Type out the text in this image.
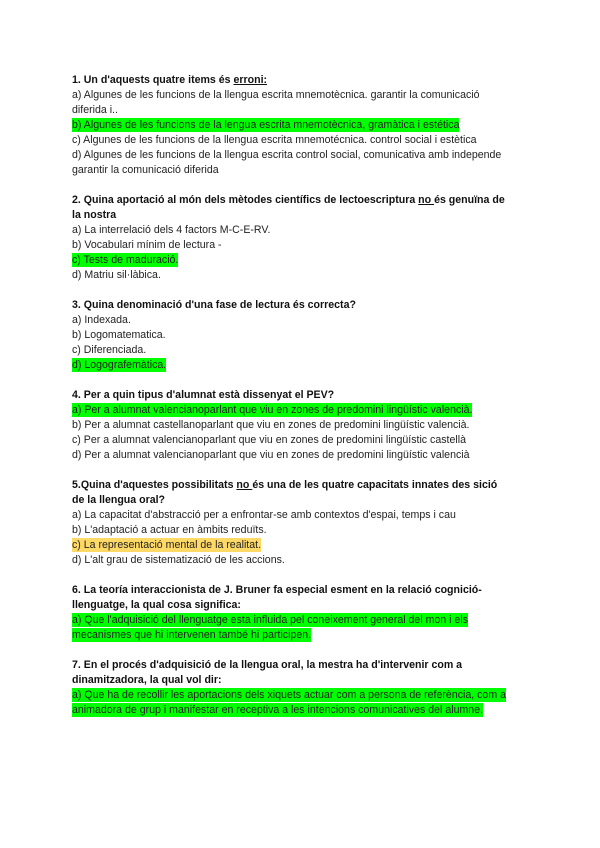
1. Un d'aquests quatre items és erroni:
a) Algunes de les funcions de la llengua escrita mnemotècnica. garantir la comunicació
diferida i..
b) Algunes de les funcions de la lengua escrita mnemotècnica, gramàtica i estética
c) Algunes de les funcions de la llengua escrita mnemotécnica. control social i estètica
d) Algunes de les funcions de la llengua escrita control social, comunicativa amb independe
garantir la comunicació diferida
2. Quina aportació al món dels mètodes científics de lectoescriptura no és genuïna de
la nostra
a) La interrelació dels 4 factors M-C-E-RV.
b) Vocabulari mínim de lectura -
c) Tests de maduració.
d) Matriu sil·làbica.
3. Quina denominació d'una fase de lectura és correcta?
a) Indexada.
b) Logomatematica.
c) Diferenciada.
d) Logografemàtica.
4. Per a quin tipus d'alumnat està dissenyat el PEV?
a) Per a alumnat valencianoparlant que viu en zones de predomini lingüístic valencià.
b) Per a alumnat castellanoparlant que viu en zones de predomini lingüístic valencià.
c) Per a alumnat valencianoparlant que viu en zones de predomini lingüístic castellà
d) Per a alumnat valencianoparlant que viu en zones de predomini lingüístic valencià
5.Quina d'aquestes possibilitats no és una de les quatre capacitats innates des sició
de la llengua oral?
a) La capacitat d'abstracció per a enfrontar-se amb contextos d'espai, temps i cau
b) L'adaptació a actuar en àmbits reduïts.
c) La representació mental de la realitat.
d) L'alt grau de sistematizació de les accions.
6. La teoría interaccionista de J. Bruner fa especial esment en la relació cognició-
llenguatge, la qual cosa significa:
a) Que l'adquisició del llenguatge esta influida pel coneixement general del mon i els
mecanismes que hi intervenen també hi participen.
7. En el procés d'adquisició de la llengua oral, la mestra ha d'intervenir com a
dinamitzadora, la qual vol dir:
a) Que ha de recollir les aportacions dels xiquets actuar com a persona de referència, com a
animadora de grup i manifestar en receptiva a les intencions comunicatives del alumne.
